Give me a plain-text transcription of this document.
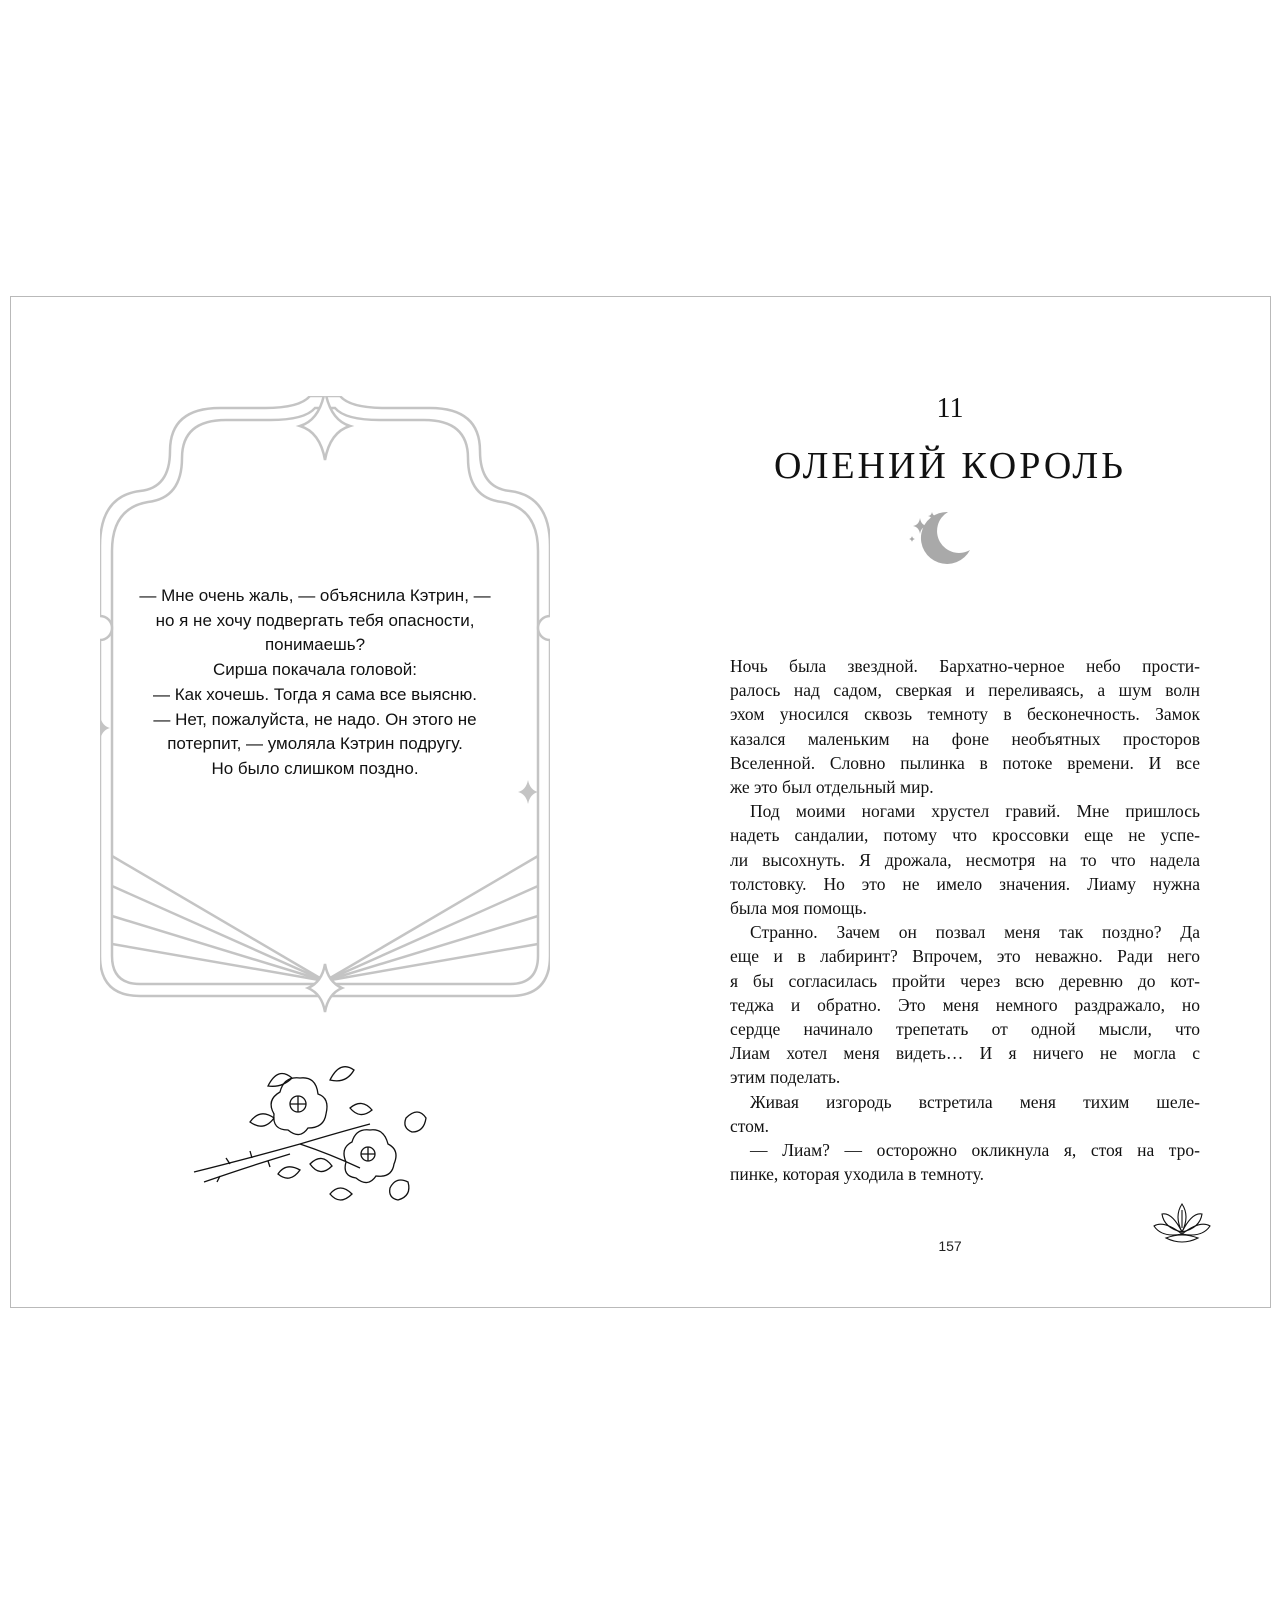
— Мне очень жаль, — объяснила Кэтрин, —
но я не хочу подвергать тебя опасности,
понимаешь?
Сирша покачала головой:
— Как хочешь. Тогда я сама все выясню.
— Нет, пожалуйста, не надо. Он этого не
потерпит, — умоляла Кэтрин подругу.
Но было слишком поздно.
11
ОЛЕНИЙ КОРОЛЬ
Ночь была звездной. Бархатно-черное небо прости-
ралось над садом, сверкая и переливаясь, а шум волн
эхом уносился сквозь темноту в бесконечность. Замок
казался маленьким на фоне необъятных просторов
Вселенной. Словно пылинка в потоке времени. И все
же это был отдельный мир.
Под моими ногами хрустел гравий. Мне пришлось
надеть сандалии, потому что кроссовки еще не успе-
ли высохнуть. Я дрожала, несмотря на то что надела
толстовку. Но это не имело значения. Лиаму нужна
была моя помощь.
Странно. Зачем он позвал меня так поздно? Да
еще и в лабиринт? Впрочем, это неважно. Ради него
я бы согласилась пройти через всю деревню до кот-
теджа и обратно. Это меня немного раздражало, но
сердце начинало трепетать от одной мысли, что
Лиам хотел меня видеть… И я ничего не могла с
этим поделать.
Живая изгородь встретила меня тихим шеле-
стом.
— Лиам? — осторожно окликнула я, стоя на тро-
пинке, которая уходила в темноту.
157
